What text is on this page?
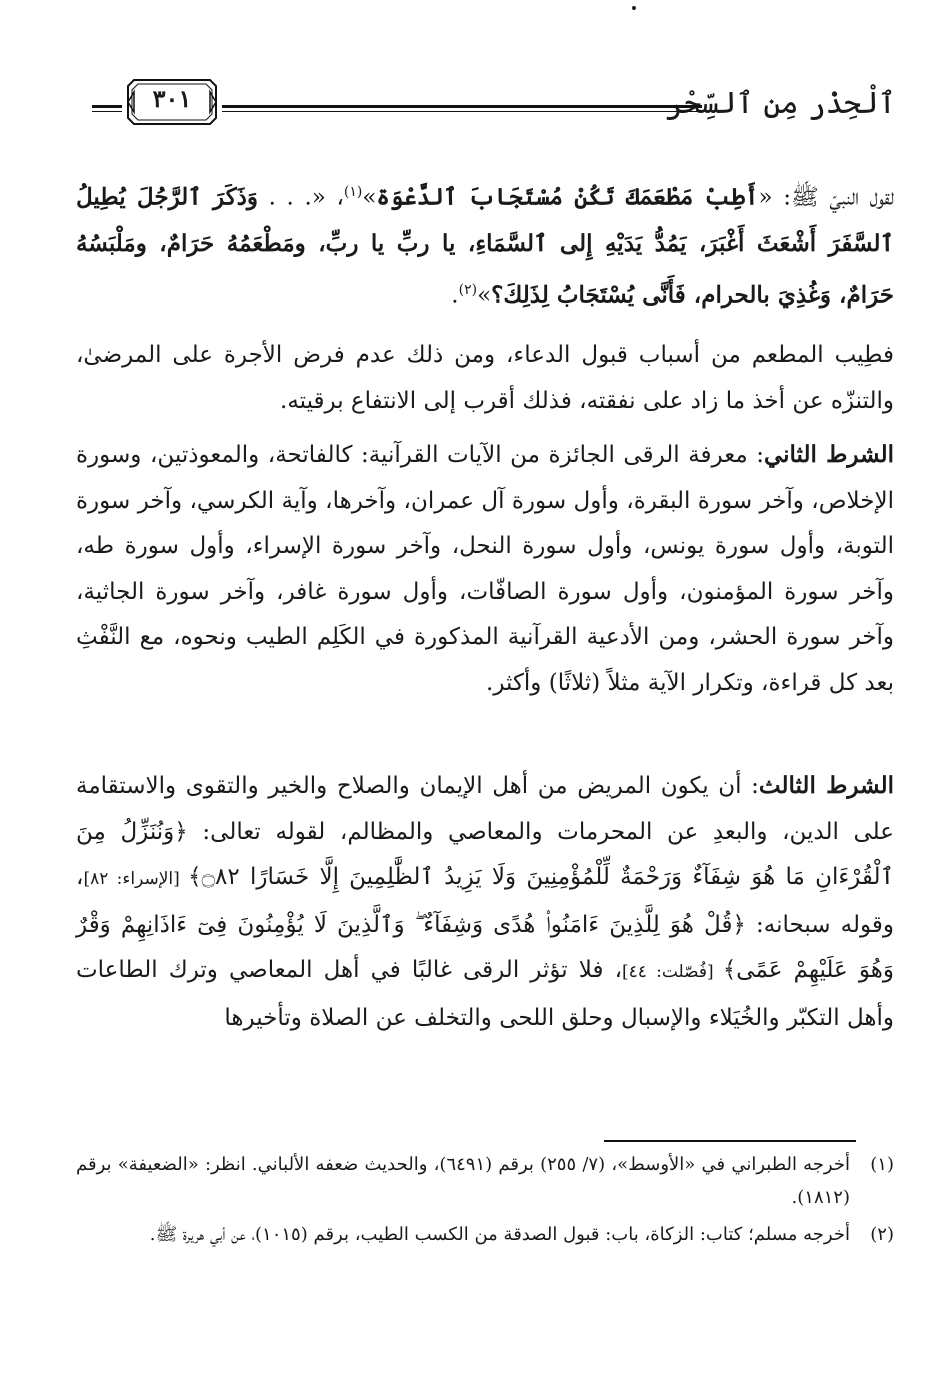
ٱلْحِذْر مِن ٱلسِّحْر
٣٠١
لقول النبيّ ﷺ: «أَطِبْ مَطْعَمَكَ تَكُنْ مُسْتَجَابَ ٱلدَّعْوَة»$^{(١)}$، «. . . وَذَكَرَ ٱلرَّجُلَ يُطِيلُ ٱلسَّفَرَ أَشْعَثَ أَغْبَرَ، يَمُدُّ يَدَيْهِ إِلى ٱلسَّمَاءِ، يا ربِّ يا ربِّ، ومَطْعَمُهُ حَرَامٌ، ومَلْبَسُهُ حَرَامٌ، وَغُذِيَ بالحرام، فَأَنَّى يُسْتَجَابُ لِذَلِكَ؟»$^{(٢)}$.
فطِيب المطعم من أسباب قبول الدعاء، ومن ذلك عدم فرض الأجرة على المرضىٰ، والتنزّه عن أخذ ما زاد على نفقته، فذلك أقرب إلى الانتفاع برقيته.
الشرط الثاني: معرفة الرقى الجائزة من الآيات القرآنية: كالفاتحة، والمعوذتين، وسورة الإخلاص، وآخر سورة البقرة، وأول سورة آل عمران، وآخرها، وآية الكرسي، وآخر سورة التوبة، وأول سورة يونس، وأول سورة النحل، وآخر سورة الإسراء، وأول سورة طه، وآخر سورة المؤمنون، وأول سورة الصافّات، وأول سورة غافر، وآخر سورة الجاثية، وآخر سورة الحشر، ومن الأدعية القرآنية المذكورة في الكَلِم الطيب ونحوه، مع النَّفْثِ بعد كل قراءة، وتكرار الآية مثلاً (ثلاثًا) وأكثر.
الشرط الثالث: أن يكون المريض من أهل الإيمان والصلاح والخير والتقوى والاستقامة على الدين، والبعدِ عن المحرمات والمعاصي والمظالم، لقوله تعالى: ﴿وَنُنَزِّلُ مِنَ ٱلْقُرْءَانِ مَا هُوَ شِفَآءٌ وَرَحْمَةٌ لِّلْمُؤْمِنِينَ وَلَا يَزِيدُ ٱلظَّٰلِمِينَ إِلَّا خَسَارًا ۝٨٢﴾ [الإسراء: ٨٢]، وقوله سبحانه: ﴿قُلْ هُوَ لِلَّذِينَ ءَامَنُوا۟ هُدًى وَشِفَآءٌ ۖ وَٱلَّذِينَ لَا يُؤْمِنُونَ فِىٓ ءَاذَانِهِمْ وَقْرٌ وَهُوَ عَلَيْهِمْ عَمًى﴾ [فُصّلت: ٤٤]، فلا تؤثر الرقى غالبًا في أهل المعاصي وترك الطاعات وأهل التكبّر والخُيَلاء والإسبال وحلق اللحى والتخلف عن الصلاة وتأخيرها
(١)
أخرجه الطبراني في «الأوسط»، (٧/ ٢٥٥) برقم (٦٤٩١)، والحديث ضعفه الألباني. انظر: «الضعيفة» برقم (١٨١٢).
(٢)
أخرجه مسلم؛ كتاب: الزكاة، باب: قبول الصدقة من الكسب الطيب، برقم (١٠١٥)، عن أبي هريرة ﷺ.
